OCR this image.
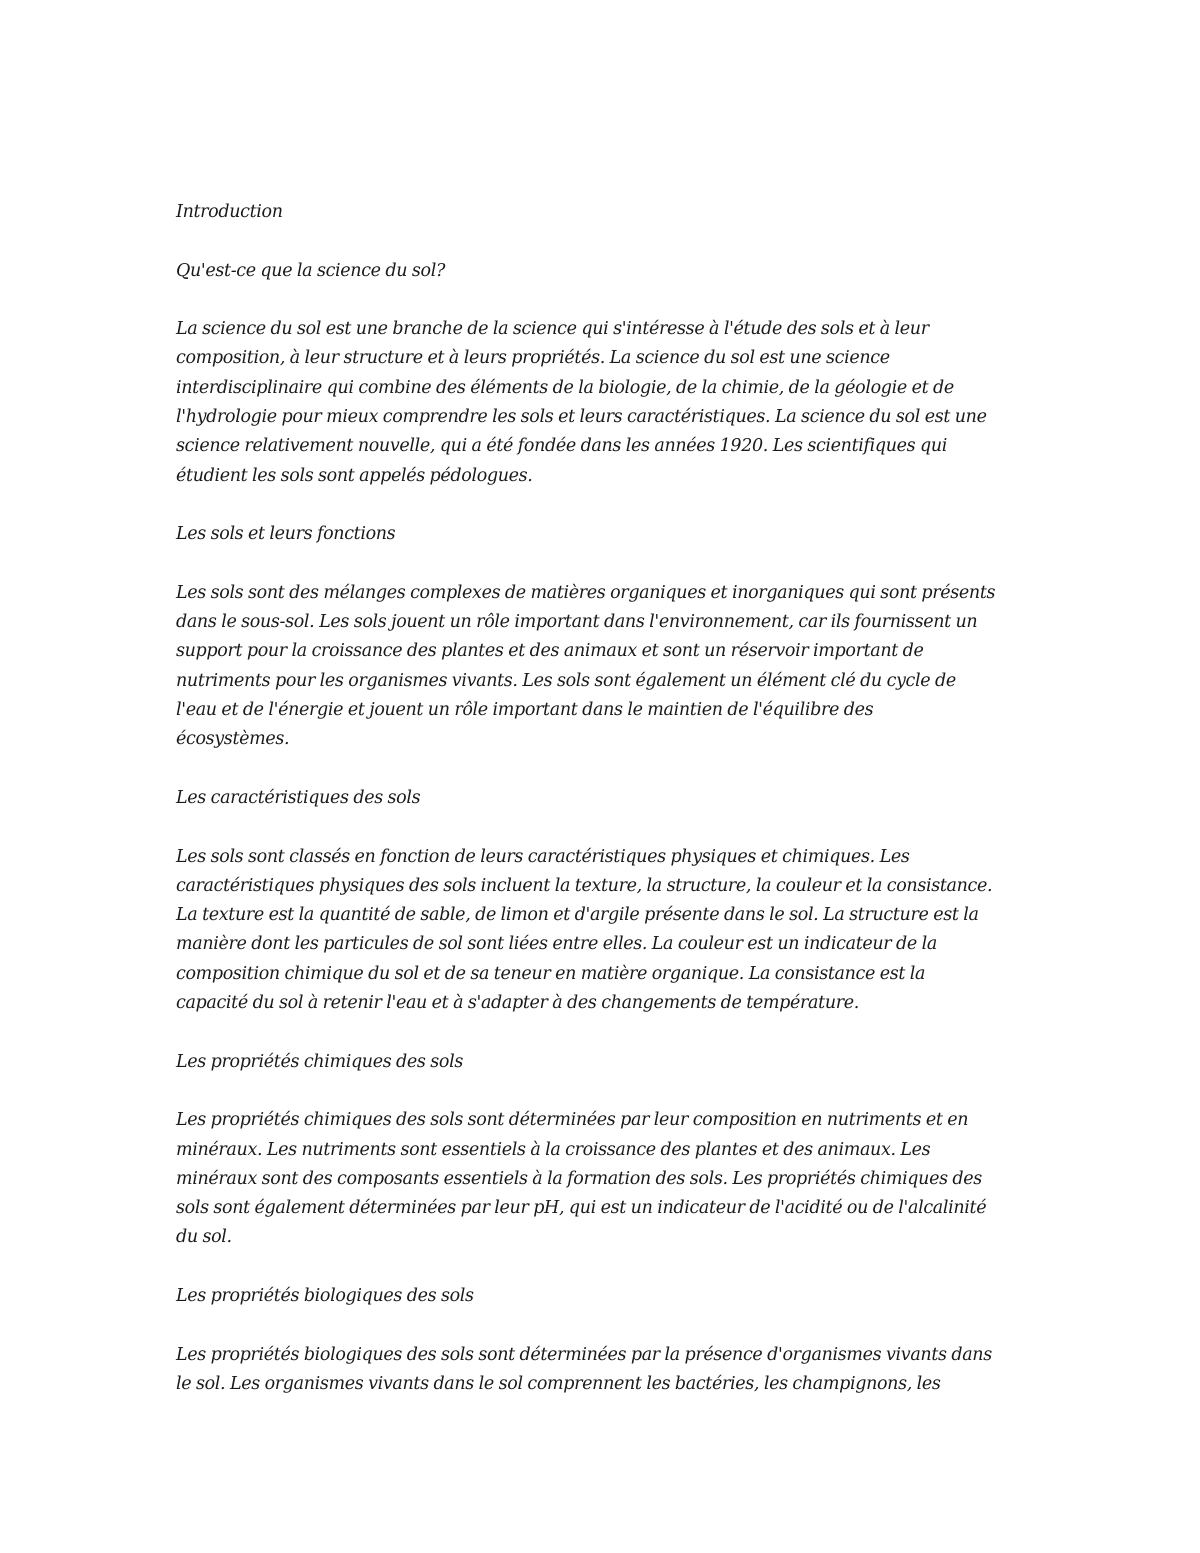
Introduction

Qu'est-ce que la science du sol?

La science du sol est une branche de la science qui s'intéresse à l'étude des sols et à leur
composition, à leur structure et à leurs propriétés. La science du sol est une science
interdisciplinaire qui combine des éléments de la biologie, de la chimie, de la géologie et de
l'hydrologie pour mieux comprendre les sols et leurs caractéristiques. La science du sol est une
science relativement nouvelle, qui a été fondée dans les années 1920. Les scientifiques qui
étudient les sols sont appelés pédologues.

Les sols et leurs fonctions

Les sols sont des mélanges complexes de matières organiques et inorganiques qui sont présents
dans le sous-sol. Les sols jouent un rôle important dans l'environnement, car ils fournissent un
support pour la croissance des plantes et des animaux et sont un réservoir important de
nutriments pour les organismes vivants. Les sols sont également un élément clé du cycle de
l'eau et de l'énergie et jouent un rôle important dans le maintien de l'équilibre des
écosystèmes.

Les caractéristiques des sols

Les sols sont classés en fonction de leurs caractéristiques physiques et chimiques. Les
caractéristiques physiques des sols incluent la texture, la structure, la couleur et la consistance.
La texture est la quantité de sable, de limon et d'argile présente dans le sol. La structure est la
manière dont les particules de sol sont liées entre elles. La couleur est un indicateur de la
composition chimique du sol et de sa teneur en matière organique. La consistance est la
capacité du sol à retenir l'eau et à s'adapter à des changements de température.

Les propriétés chimiques des sols

Les propriétés chimiques des sols sont déterminées par leur composition en nutriments et en
minéraux. Les nutriments sont essentiels à la croissance des plantes et des animaux. Les
minéraux sont des composants essentiels à la formation des sols. Les propriétés chimiques des
sols sont également déterminées par leur pH, qui est un indicateur de l'acidité ou de l'alcalinité
du sol.

Les propriétés biologiques des sols

Les propriétés biologiques des sols sont déterminées par la présence d'organismes vivants dans
le sol. Les organismes vivants dans le sol comprennent les bactéries, les champignons, les
